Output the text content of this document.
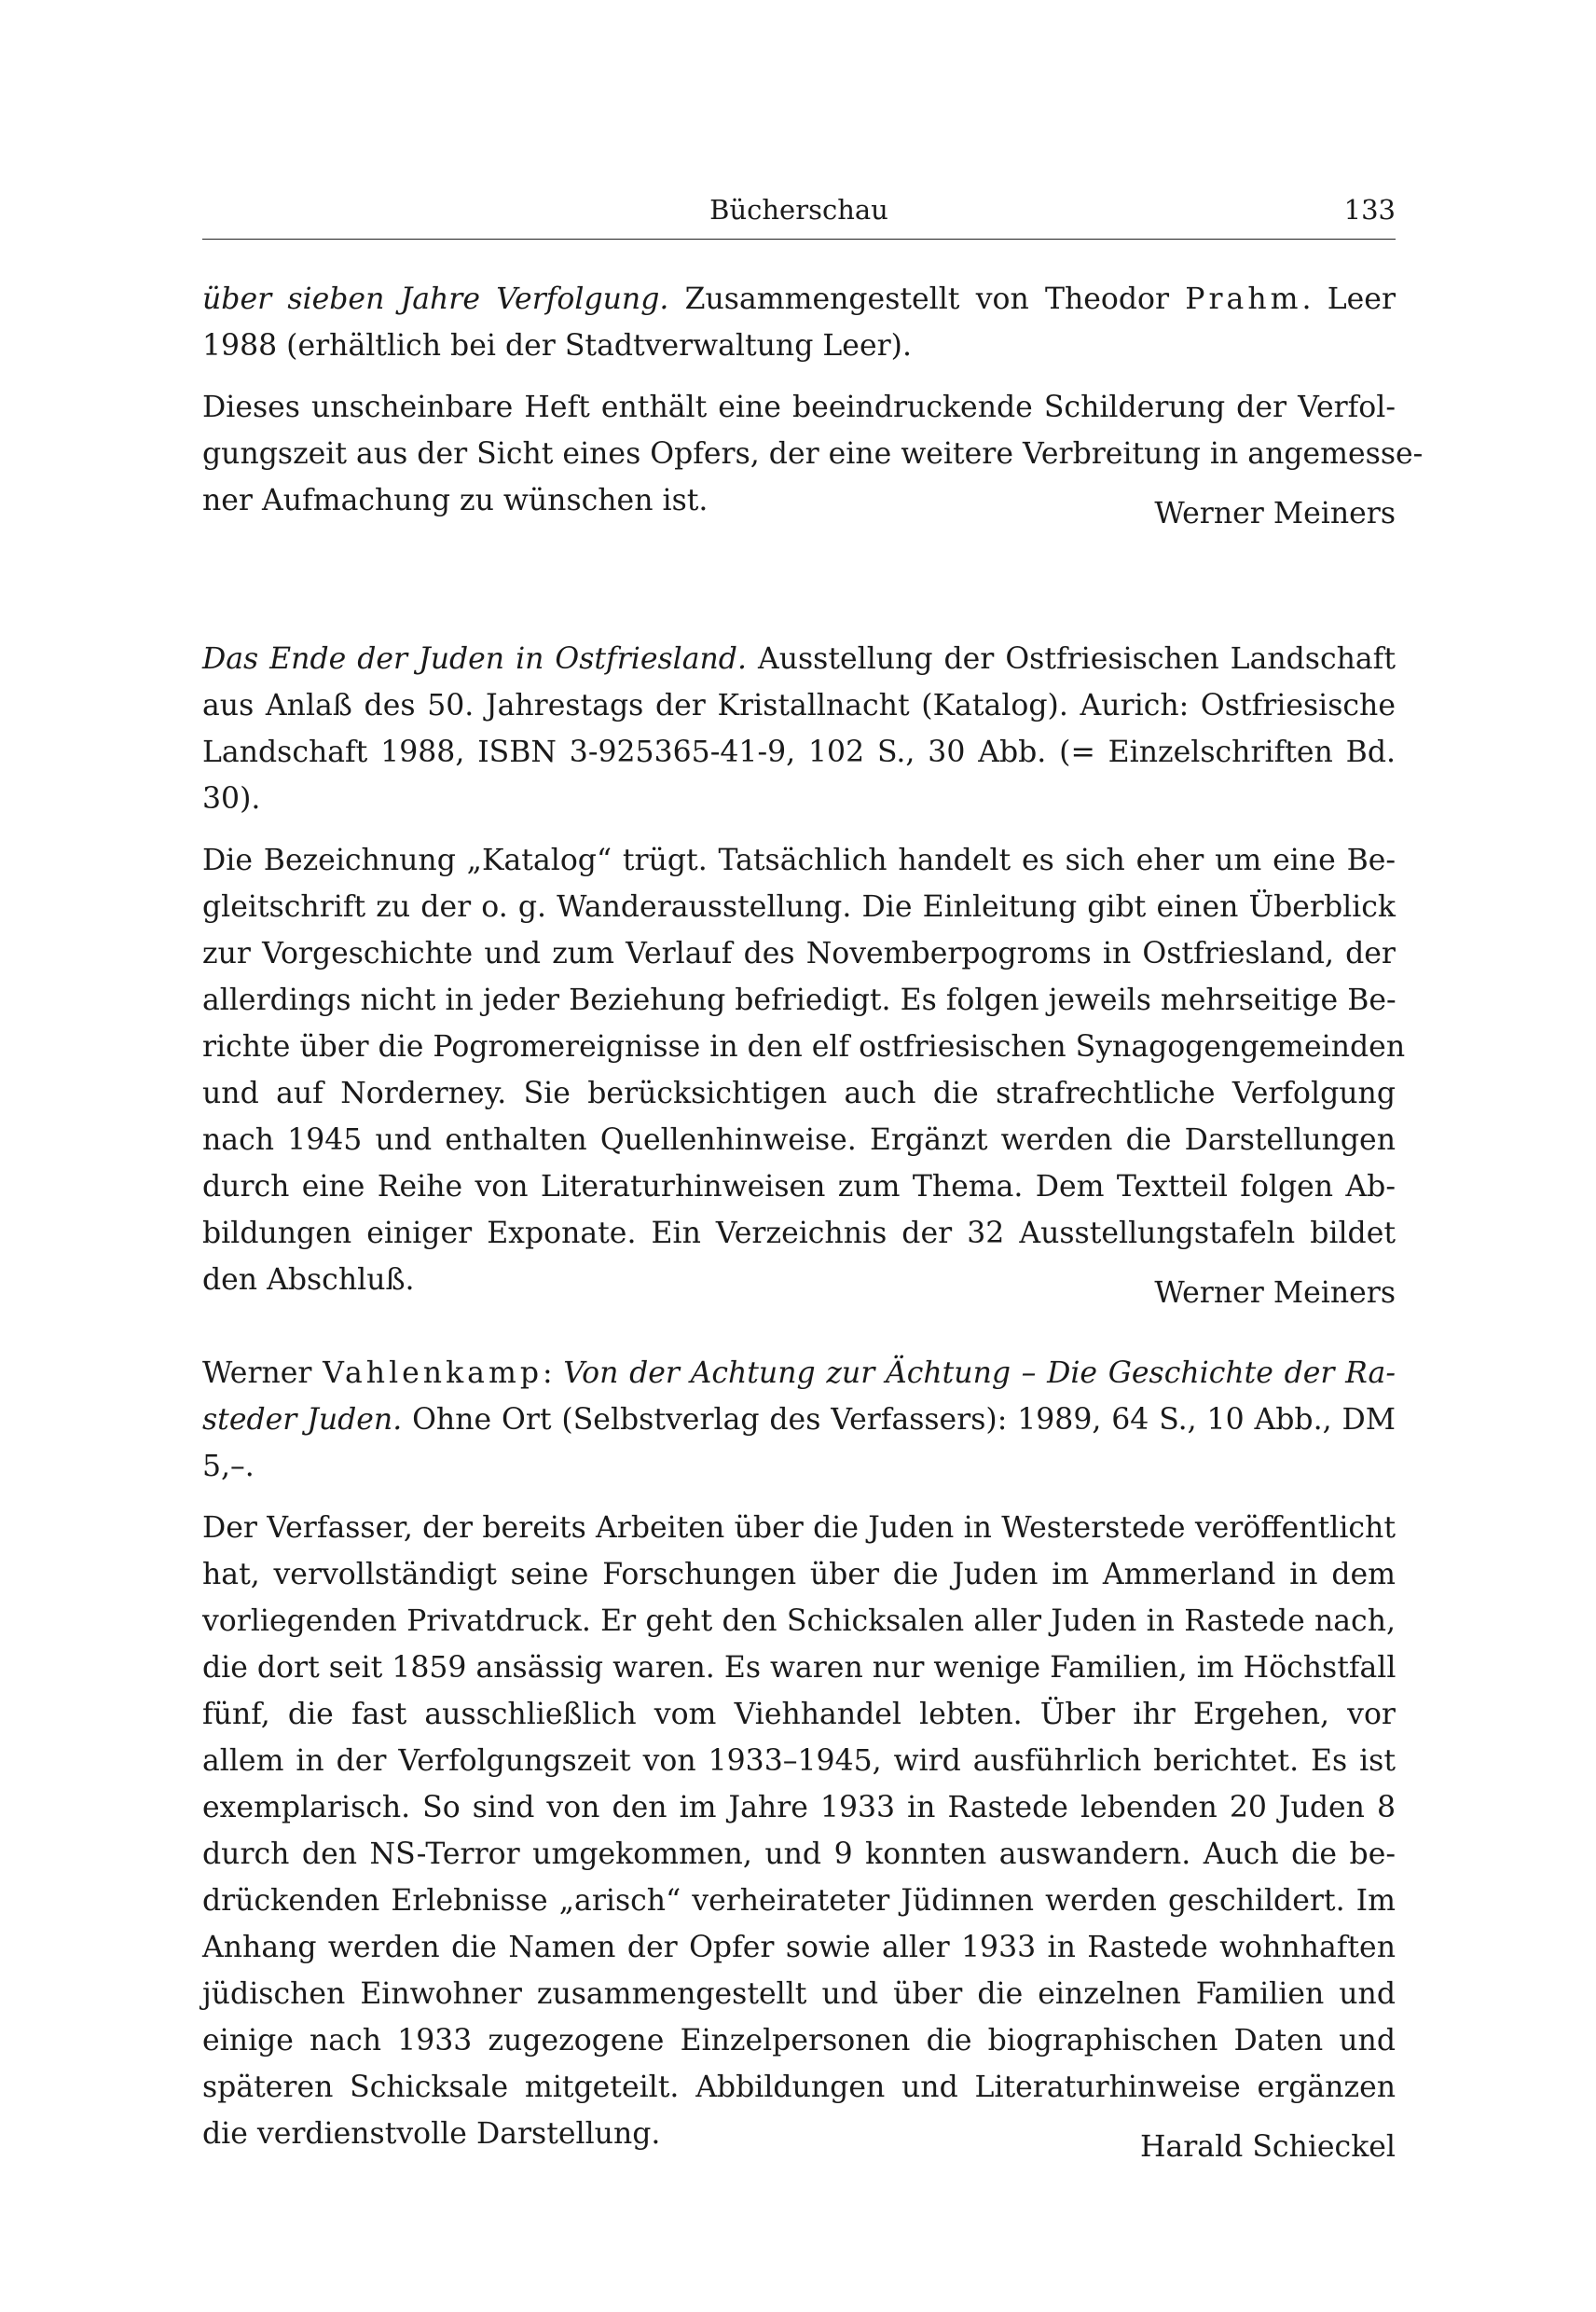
Bücherschau	133
über sieben Jahre Verfolgung. Zusammengestellt von Theodor Prahm. Leer
1988 (erhältlich bei der Stadtverwaltung Leer).
Dieses unscheinbare Heft enthält eine beeindruckende Schilderung der Verfol-
gungszeit aus der Sicht eines Opfers, der eine weitere Verbreitung in angemesse-
ner Aufmachung zu wünschen ist.	Werner Meiners
Das Ende der Juden in Ostfriesland. Ausstellung der Ostfriesischen Landschaft
aus Anlaß des 50. Jahrestags der Kristallnacht (Katalog). Aurich: Ostfriesische
Landschaft 1988, ISBN 3-925365-41-9, 102 S., 30 Abb. (= Einzelschriften Bd.
30).
Die Bezeichnung „Katalog“ trügt. Tatsächlich handelt es sich eher um eine Be-
gleitschrift zu der o. g. Wanderausstellung. Die Einleitung gibt einen Überblick
zur Vorgeschichte und zum Verlauf des Novemberpogroms in Ostfriesland, der
allerdings nicht in jeder Beziehung befriedigt. Es folgen jeweils mehrseitige Be-
richte über die Pogromereignisse in den elf ostfriesischen Synagogengemeinden
und auf Norderney. Sie berücksichtigen auch die strafrechtliche Verfolgung
nach 1945 und enthalten Quellenhinweise. Ergänzt werden die Darstellungen
durch eine Reihe von Literaturhinweisen zum Thema. Dem Textteil folgen Ab-
bildungen einiger Exponate. Ein Verzeichnis der 32 Ausstellungstafeln bildet
den Abschluß.	Werner Meiners
Werner Vahlenkamp: Von der Achtung zur Ächtung – Die Geschichte der Ra-
steder Juden. Ohne Ort (Selbstverlag des Verfassers): 1989, 64 S., 10 Abb., DM
5,–.
Der Verfasser, der bereits Arbeiten über die Juden in Westerstede veröffentlicht
hat, vervollständigt seine Forschungen über die Juden im Ammerland in dem
vorliegenden Privatdruck. Er geht den Schicksalen aller Juden in Rastede nach,
die dort seit 1859 ansässig waren. Es waren nur wenige Familien, im Höchstfall
fünf, die fast ausschließlich vom Viehhandel lebten. Über ihr Ergehen, vor
allem in der Verfolgungszeit von 1933–1945, wird ausführlich berichtet. Es ist
exemplarisch. So sind von den im Jahre 1933 in Rastede lebenden 20 Juden 8
durch den NS-Terror umgekommen, und 9 konnten auswandern. Auch die be-
drückenden Erlebnisse „arisch“ verheirateter Jüdinnen werden geschildert. Im
Anhang werden die Namen der Opfer sowie aller 1933 in Rastede wohnhaften
jüdischen Einwohner zusammengestellt und über die einzelnen Familien und
einige nach 1933 zugezogene Einzelpersonen die biographischen Daten und
späteren Schicksale mitgeteilt. Abbildungen und Literaturhinweise ergänzen
die verdienstvolle Darstellung.	Harald Schieckel
